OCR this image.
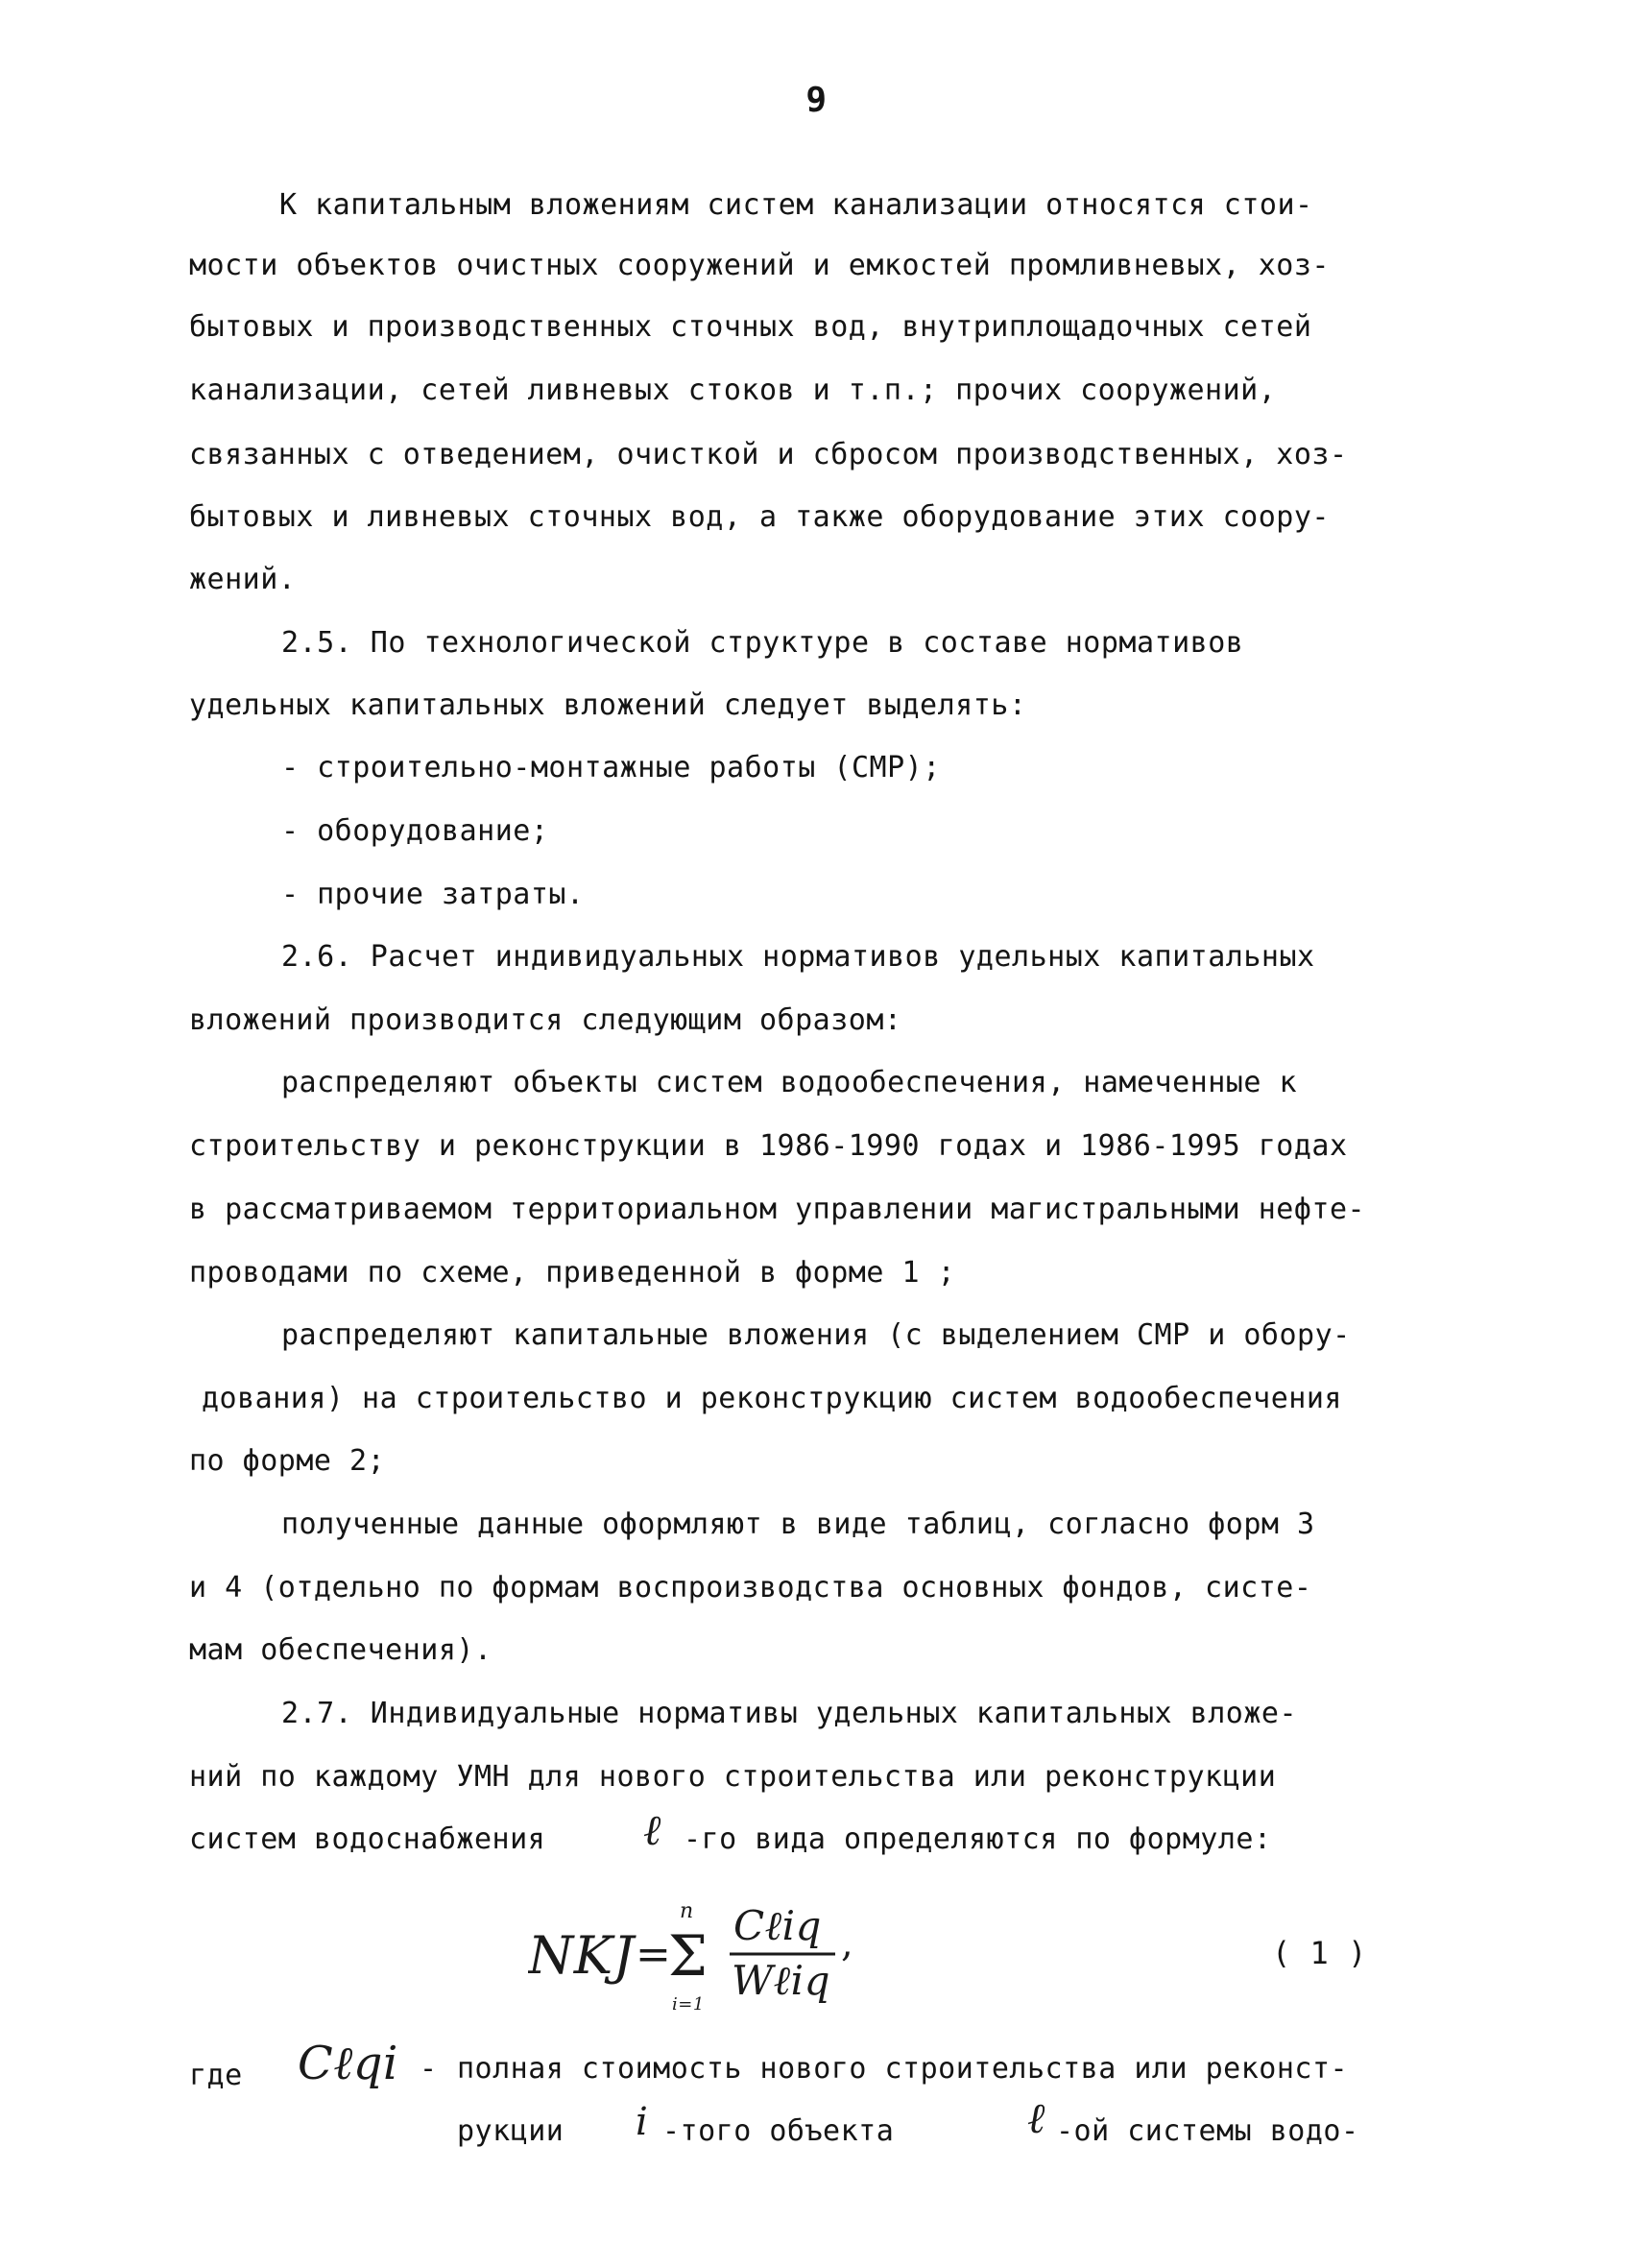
9
К капитальным вложениям систем канализации относятся стои-
мости объектов очистных сооружений и емкостей промливневых, хоз-
бытовых и производственных сточных вод, внутриплощадочных сетей
канализации, сетей ливневых стоков и т.п.; прочих сооружений,
связанных с отведением, очисткой и сбросом производственных, хоз-
бытовых и ливневых сточных вод, а также оборудование этих соору-
жений.
2.5. По технологической структуре в составе нормативов
удельных капитальных вложений следует выделять:
- строительно-монтажные работы (СМР);
- оборудование;
- прочие затраты.
2.6. Расчет индивидуальных нормативов удельных капитальных
вложений производится следующим образом:
распределяют объекты систем водообеспечения, намеченные к
строительству и реконструкции в 1986-1990 годах и 1986-1995 годах
в рассматриваемом территориальном управлении магистральными нефте-
проводами по схеме, приведенной в форме 1 ;
распределяют капитальные вложения (с выделением СМР и обору-
дования) на строительство и реконструкцию систем водообеспечения
по форме 2;
полученные данные оформляют в виде таблиц, согласно форм 3
и 4 (отдельно по формам воспроизводства основных фондов, систе-
мам обеспечения).
2.7. Индивидуальные нормативы удельных капитальных вложе-
ний по каждому УМН для нового строительства или реконструкции
систем водоснабжения ℓ -го вида определяются по формуле:
NKJ =
n
Σ
i=1
Cℓiq
Wℓiq
,	( 1 )
где Cℓqi - полная стоимость нового строительства или реконст-
рукции i -того объекта	ℓ -ой системы водо-
